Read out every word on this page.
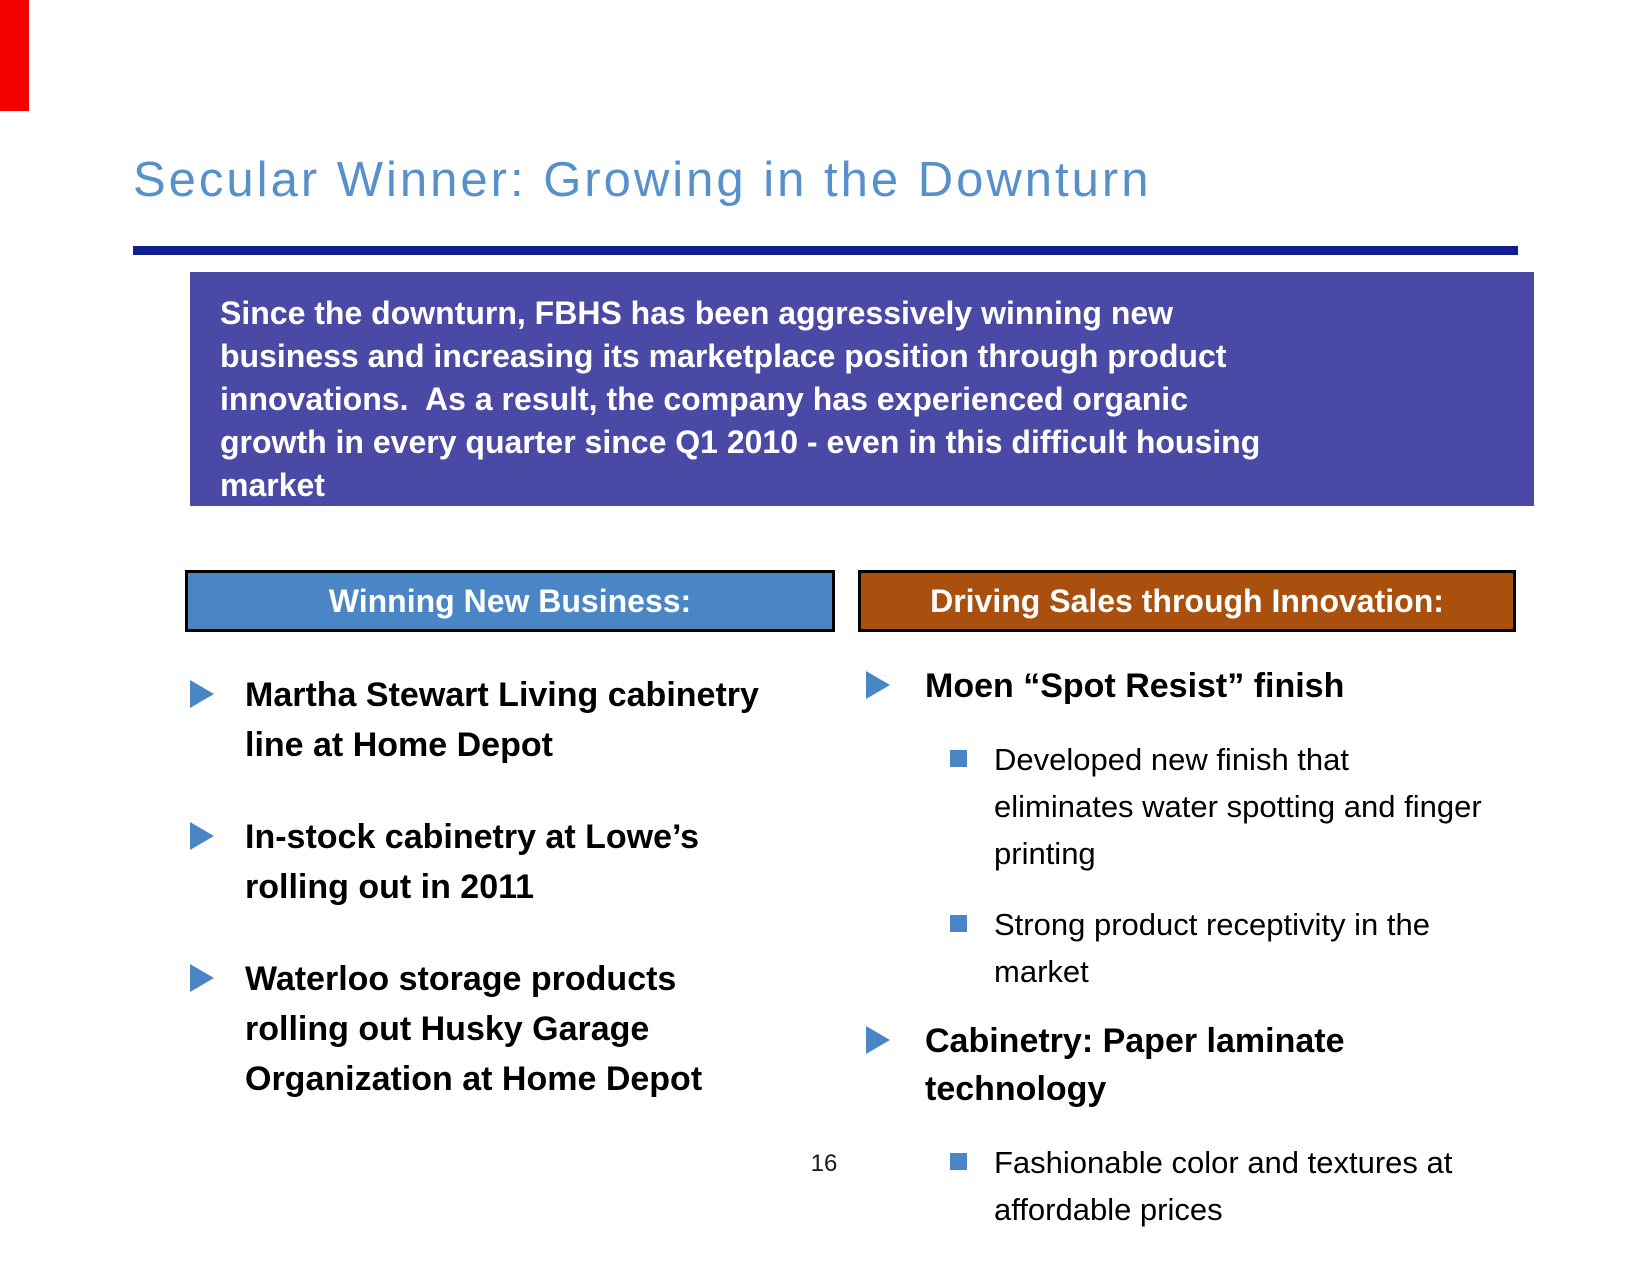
Secular Winner: Growing in the Downturn
Since the downturn, FBHS has been aggressively winning new
business and increasing its marketplace position through product
innovations.  As a result, the company has experienced organic
growth in every quarter since Q1 2010 - even in this difficult housing
market
Winning New Business:	Driving Sales through Innovation:
Martha Stewart Living cabinetry
line at Home Depot
In-stock cabinetry at Lowe’s
rolling out in 2011
Waterloo storage products
rolling out Husky Garage
Organization at Home Depot
Moen “Spot Resist” finish
Developed new finish that
eliminates water spotting and finger
printing
Strong product receptivity in the
market
Cabinetry: Paper laminate
technology
Fashionable color and textures at
affordable prices
16
